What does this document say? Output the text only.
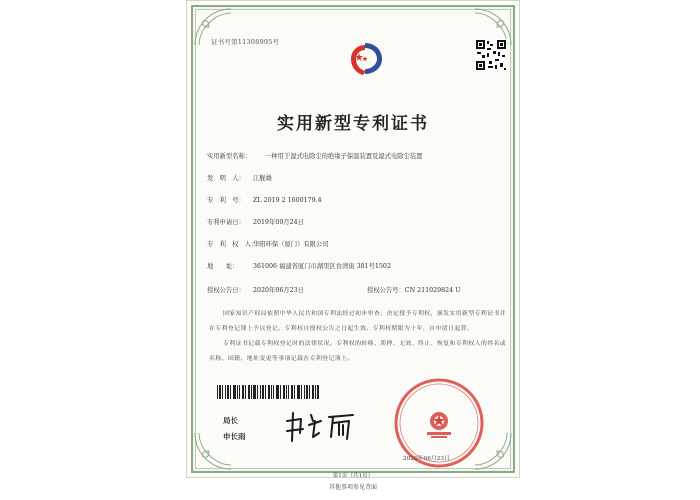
证书号第11308995号
实用新型专利证书
实用新型名称： 一种用于湿式电除尘的绝缘子保温装置及湿式电除尘装置
发　明　人： 江舰雄
专　利　号： ZL 2019 2 1600179.4
专利申请日： 2019年09月24日
专　利　权　人：华阳环保（厦门）有限公司
地　　址： 361006 福建省厦门市湖里区台湾街 381号1502
授权公告日： 2020年06月23日	授权公告号：CN 211029824 U

国家知识产权局依照中华人民共和国专利法经过初步审查，决定授予专利权，颁发实用新型专利证书并在专利登记簿上予以登记。专利权自授权公告之日起生效。专利权期限为十年，自申请日起算。

专利证书记载专利权登记时的法律状况。专利权的转移、质押、无效、终止、恢复和专利权人的姓名或名称、国籍、地址变更等事项记载在专利登记簿上。

局长
申长雨
2020年06月23日
第1页（共1页）
其他事项参见背面
